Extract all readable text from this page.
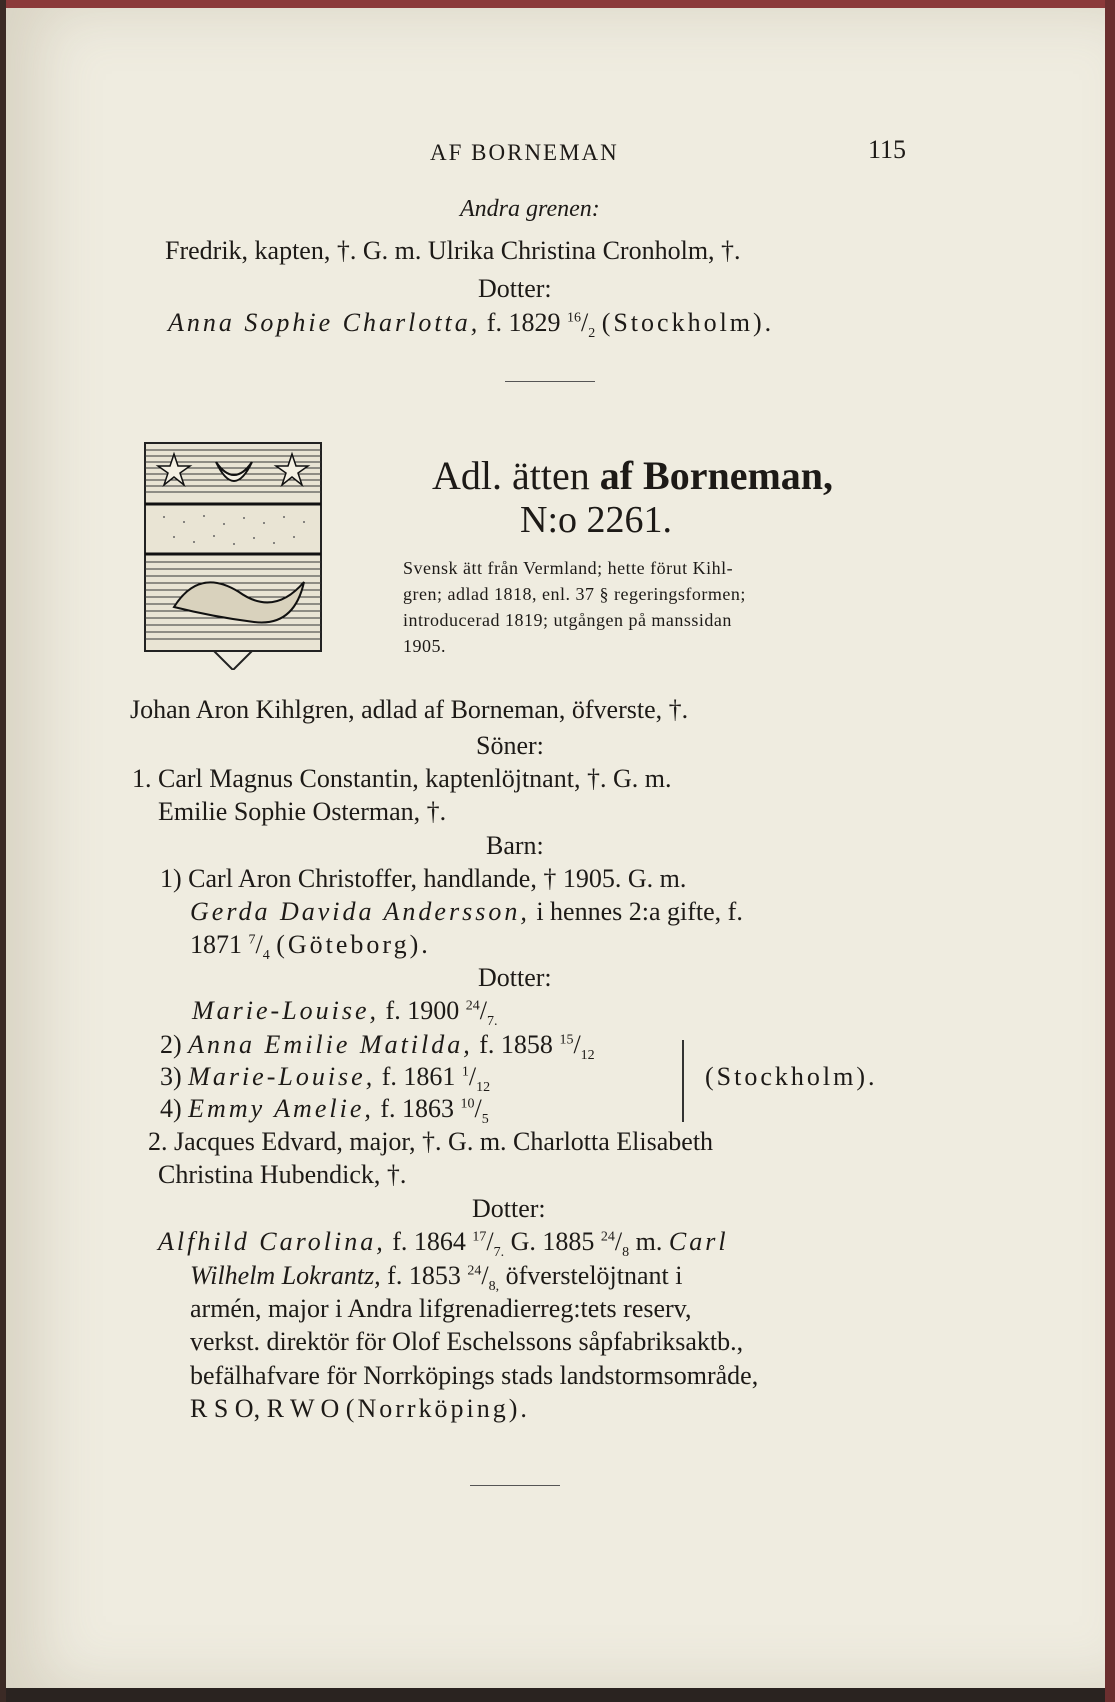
AF BORNEMAN	115
Andra grenen:
Fredrik, kapten, †. G. m. Ulrika Christina Cronholm, †.
Dotter:
Anna Sophie Charlotta, f. 1829 $^{16}/_2$ (Stockholm).
Adl. ätten af Borneman,
N:o 2261.
Svensk ätt från Vermland; hette förut Kihl-
gren; adlad 1818, enl. 37 § regeringsformen;
introducerad 1819; utgången på manssidan
1905.
Johan Aron Kihlgren, adlad af Borneman, öfverste, †.
Söner:
1. Carl Magnus Constantin, kaptenlöjtnant, †. G. m.
Emilie Sophie Osterman, †.
Barn:
1) Carl Aron Christoffer, handlande, † 1905. G. m.
Gerda Davida Andersson, i hennes 2:a gifte, f.
1871 $^7/_4$ (Göteborg).
Dotter:
Marie-Louise, f. 1900 $^{24}/_{7.}$
2) Anna Emilie Matilda, f. 1858 $^{15}/_{12}$
3) Marie-Louise, f. 1861 $^1/_{12}$
4) Emmy Amelie, f. 1863 $^{10}/_5$
(Stockholm).
2. Jacques Edvard, major, †. G. m. Charlotta Elisabeth
Christina Hubendick, †.
Dotter:
Alfhild Carolina, f. 1864 $^{17}/_{7.}$ G. 1885 $^{24}/_8$ m. Carl
Wilhelm Lokrantz, f. 1853 $^{24}/_{8,}$ öfverstelöjtnant i
armén, major i Andra lifgrenadierreg:tets reserv,
verkst. direktör för Olof Eschelssons såpfabriksaktb.,
befälhafvare för Norrköpings stads landstormsområde,
R S O, R W O (Norrköping).
